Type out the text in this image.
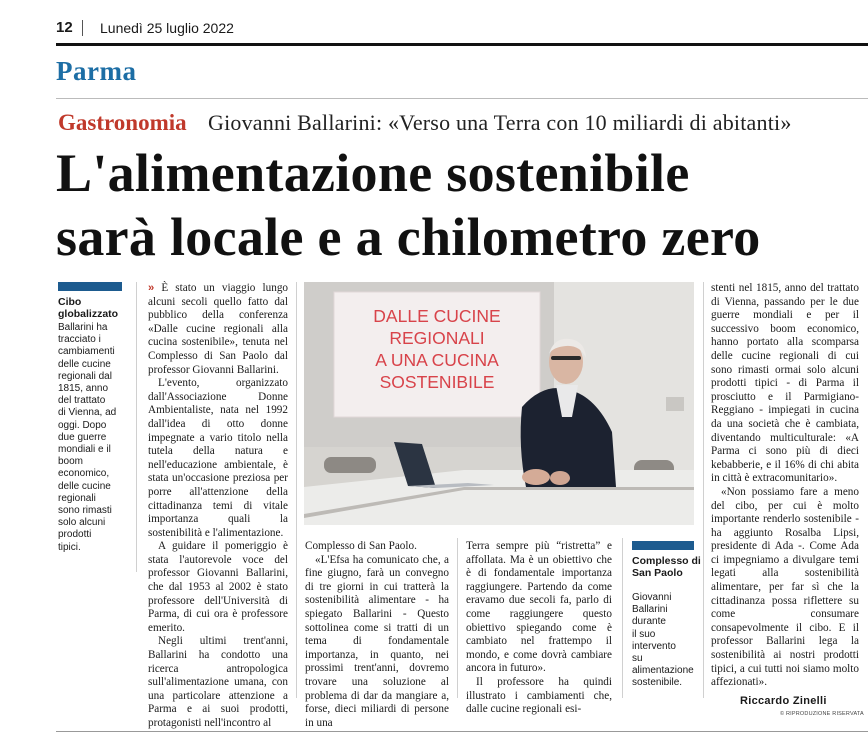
12 Lunedì 25 luglio 2022
Parma
Gastronomia Giovanni Ballarini: «Verso una Terra con 10 miliardi di abitanti»
L'alimentazione sostenibile
sarà locale e a chilometro zero
Cibo globalizzato
Ballarini ha
tracciato i
cambiamenti
delle cucine
regionali dal
1815, anno
del trattato
di Vienna, ad
oggi. Dopo
due guerre
mondiali e il
boom
economico,
delle cucine
regionali
sono rimasti
solo alcuni
prodotti
tipici.

» È stato un viaggio lungo alcuni secoli quello fatto dal pubblico della conferenza «Dalle cucine regionali alla cucina sostenibile», tenuta nel Complesso di San Paolo dal professor Giovanni Ballarini.

L'evento, organizzato dall'Associazione Donne Ambientaliste, nata nel 1992 dall'idea di otto donne impegnate a vario titolo nella tutela della natura e nell'educazione ambientale, è stata un'occasione preziosa per porre all'attenzione della cittadinanza temi di vitale importanza quali la sostenibilità e l'alimentazione.

A guidare il pomeriggio è stata l'autorevole voce del professor Giovanni Ballarini, che dal 1953 al 2002 è stato professore dell'Università di Parma, di cui ora è professore emerito.

Negli ultimi trent'anni, Ballarini ha condotto una ricerca antropologica sull'alimentazione umana, con una particolare attenzione a Parma e ai suoi prodotti, protagonisti nell'incontro al

Complesso di San Paolo.

«L'Efsa ha comunicato che, a fine giugno, farà un convegno di tre giorni in cui tratterà la sostenibilità alimentare - ha spiegato Ballarini - Questo sottolinea come si tratti di un tema di fondamentale importanza, in quanto, nei prossimi trent'anni, dovremo trovare una soluzione al problema di dar da mangiare a, forse, dieci miliardi di persone in una

Terra sempre più “ristretta” e affollata. Ma è un obiettivo che è di fondamentale importanza raggiungere. Partendo da come eravamo due secoli fa, parlo di come raggiungere questo obiettivo spiegando come è cambiato nel frattempo il mondo, e come dovrà cambiare ancora in futuro».

Il professore ha quindi illustrato i cambiamenti che, dalle cucine regionali esi-

stenti nel 1815, anno del trattato di Vienna, passando per le due guerre mondiali e per il successivo boom economico, hanno portato alla scomparsa delle cucine regionali di cui sono rimasti ormai solo alcuni prodotti tipici - di Parma il prosciutto e il Parmigiano-Reggiano - impiegati in cucina da una società che è cambiata, diventando multiculturale: «A Parma ci sono più di dieci kebabberie, e il 16% di chi abita in città è extracomunitario».

«Non possiamo fare a meno del cibo, per cui è molto importante renderlo sostenibile - ha aggiunto Rosalba Lipsi, presidente di Ada -. Come Ada ci impegniamo a divulgare temi legati alla sostenibilità alimentare, per far sì che la cittadinanza possa riflettere su come consumare consapevolmente il cibo. E il professor Ballarini lega la sostenibilità ai nostri prodotti tipici, a cui tutti noi siamo molto affezionati».

DALLE CUCINE
REGIONALI
A UNA CUCINA
SOSTENIBILE
Complesso di San Paolo
Giovanni
Ballarini
durante
il suo
intervento
su
alimentazione
sostenibile.
Riccardo Zinelli
© RIPRODUZIONE RISERVATA
